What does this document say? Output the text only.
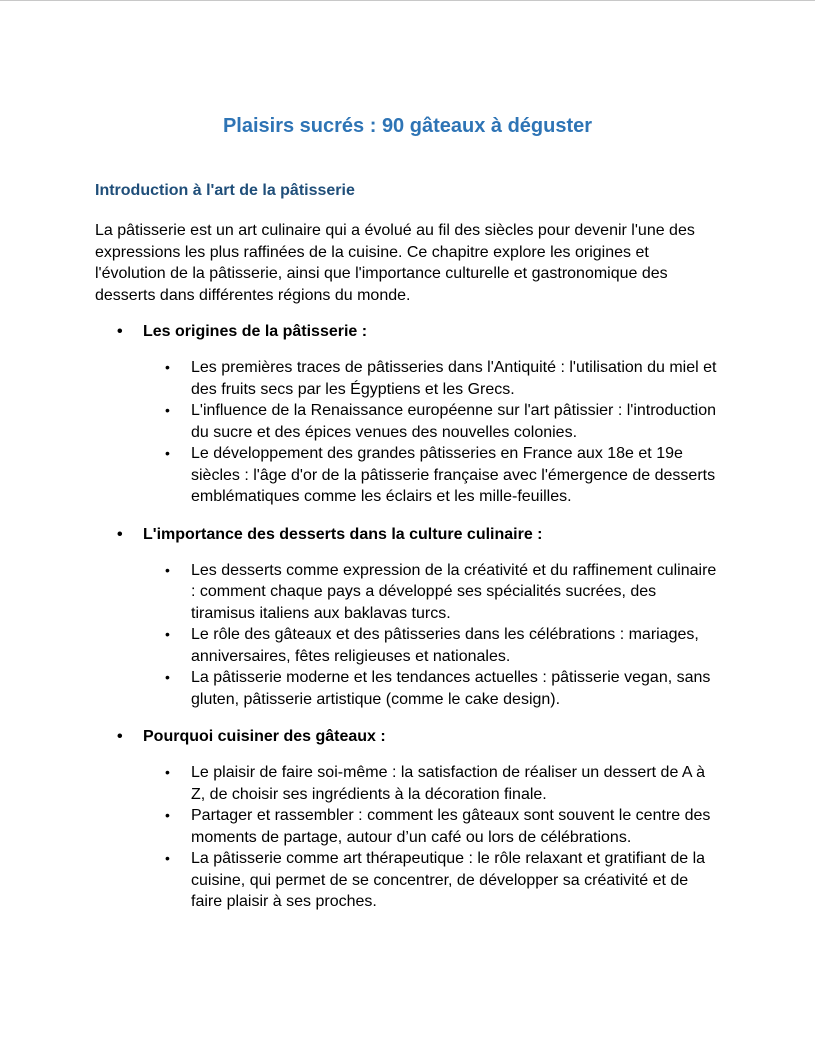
Plaisirs sucrés : 90 gâteaux à déguster
Introduction à l'art de la pâtisserie

La pâtisserie est un art culinaire qui a évolué au fil des siècles pour devenir l'une des expressions les plus raffinées de la cuisine. Ce chapitre explore les origines et l'évolution de la pâtisserie, ainsi que l'importance culturelle et gastronomique des desserts dans différentes régions du monde.

• Les origines de la pâtisserie :
• Les premières traces de pâtisseries dans l'Antiquité : l'utilisation du miel et des fruits secs par les Égyptiens et les Grecs.
• L'influence de la Renaissance européenne sur l'art pâtissier : l'introduction du sucre et des épices venues des nouvelles colonies.
• Le développement des grandes pâtisseries en France aux 18e et 19e siècles : l'âge d'or de la pâtisserie française avec l'émergence de desserts emblématiques comme les éclairs et les mille-feuilles.
• L'importance des desserts dans la culture culinaire :
• Les desserts comme expression de la créativité et du raffinement culinaire : comment chaque pays a développé ses spécialités sucrées, des tiramisus italiens aux baklavas turcs.
• Le rôle des gâteaux et des pâtisseries dans les célébrations : mariages, anniversaires, fêtes religieuses et nationales.
• La pâtisserie moderne et les tendances actuelles : pâtisserie vegan, sans gluten, pâtisserie artistique (comme le cake design).
• Pourquoi cuisiner des gâteaux :
• Le plaisir de faire soi-même : la satisfaction de réaliser un dessert de A à Z, de choisir ses ingrédients à la décoration finale.
• Partager et rassembler : comment les gâteaux sont souvent le centre des moments de partage, autour d’un café ou lors de célébrations.
• La pâtisserie comme art thérapeutique : le rôle relaxant et gratifiant de la cuisine, qui permet de se concentrer, de développer sa créativité et de faire plaisir à ses proches.
